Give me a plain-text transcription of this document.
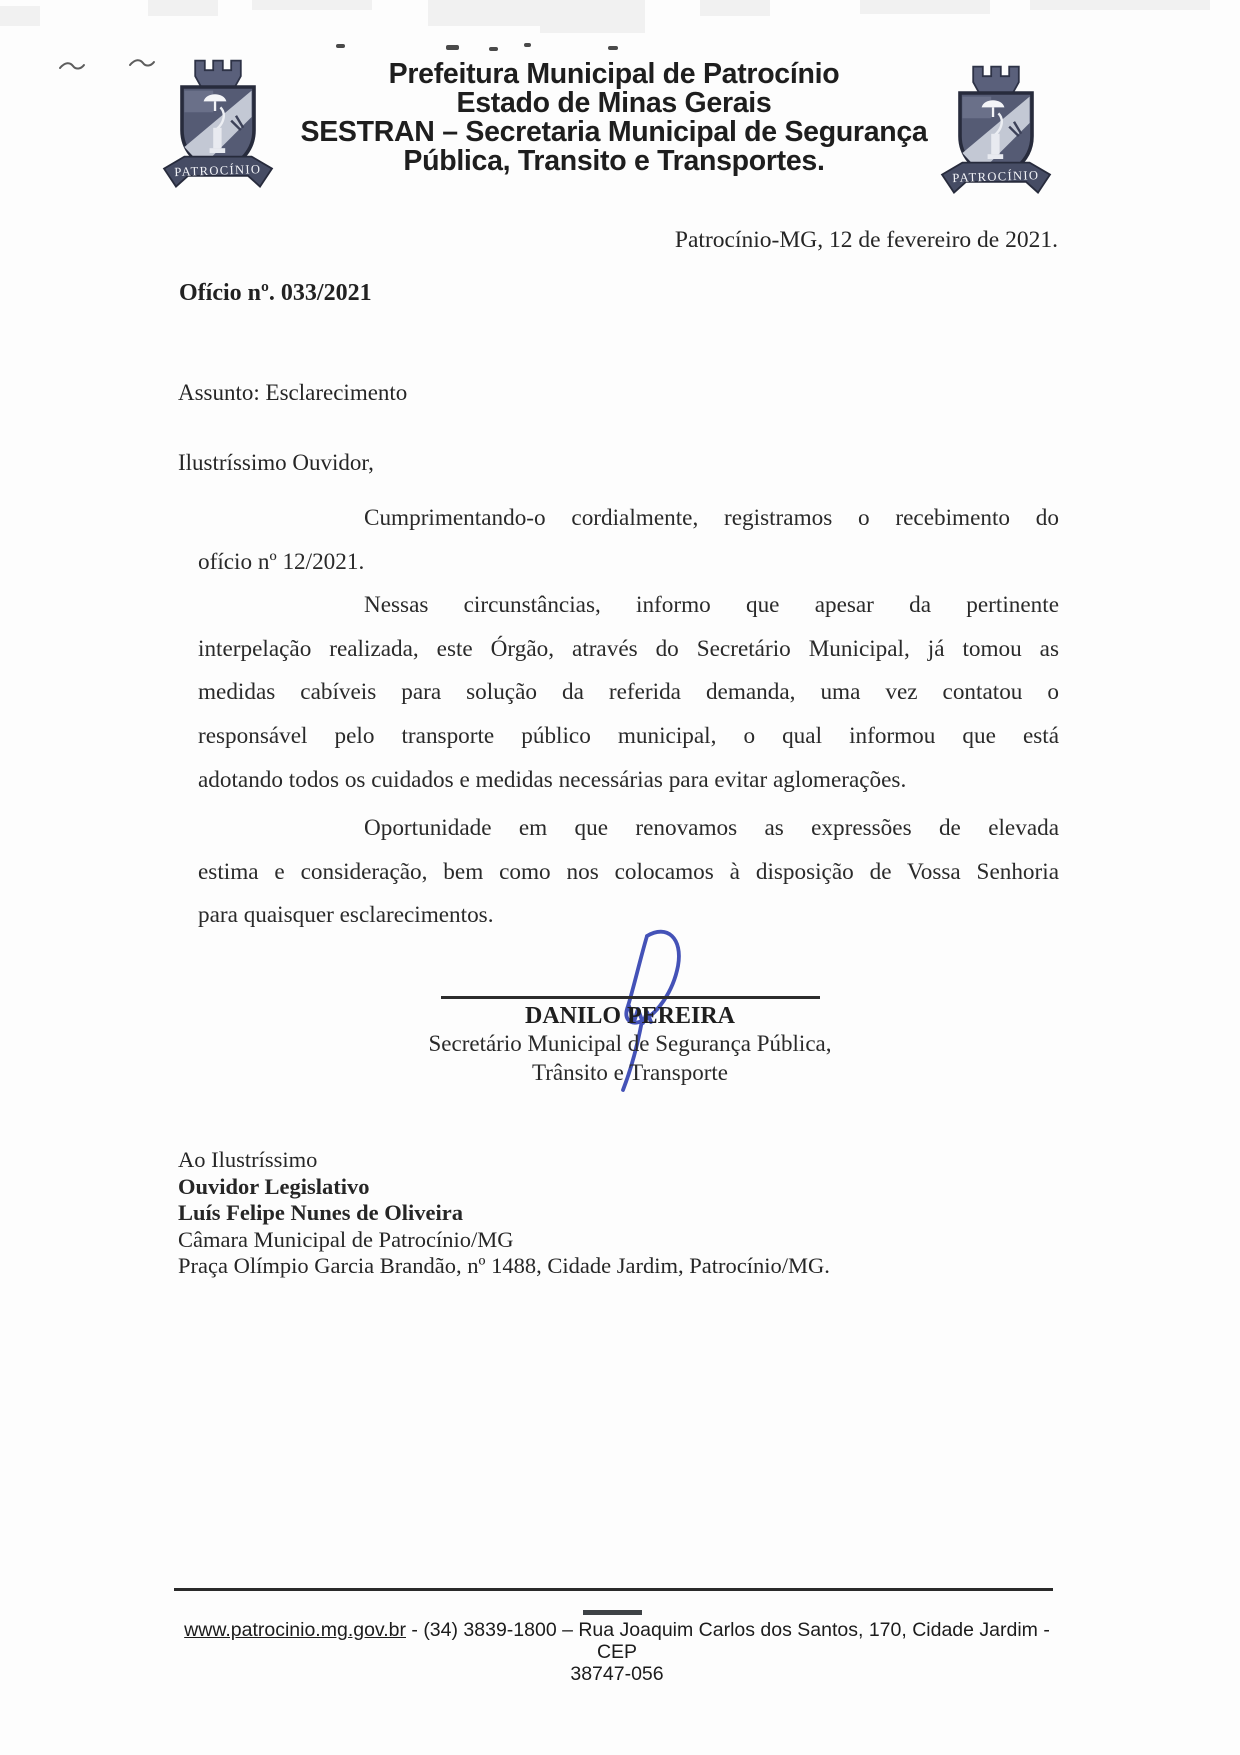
PATROCÍNIO
Prefeitura Municipal de Patrocínio
Estado de Minas Gerais
SESTRAN – Secretaria Municipal de Segurança
Pública, Transito e Transportes.	PATROCÍNIO
Patrocínio-MG, 12 de fevereiro de 2021.
Ofício nº. 033/2021
Assunto: Esclarecimento
Ilustríssimo Ouvidor,
Cumprimentando-o cordialmente, registramos o recebimento do
ofício nº 12/2021.
Nessas circunstâncias, informo que apesar da pertinente
interpelação realizada, este Órgão, através do Secretário Municipal, já tomou as
medidas cabíveis para solução da referida demanda, uma vez contatou o
responsável pelo transporte público municipal, o qual informou que está
adotando todos os cuidados e medidas necessárias para evitar aglomerações.
Oportunidade em que renovamos as expressões de elevada
estima e consideração, bem como nos colocamos à disposição de Vossa Senhoria
para quaisquer esclarecimentos.
DANILO PEREIRA
Secretário Municipal de Segurança Pública,
Trânsito e Transporte
Ao Ilustríssimo
Ouvidor Legislativo
Luís Felipe Nunes de Oliveira
Câmara Municipal de Patrocínio/MG
Praça Olímpio Garcia Brandão, nº 1488, Cidade Jardim, Patrocínio/MG.
www.patrocinio.mg.gov.br - (34) 3839-1800 – Rua Joaquim Carlos dos Santos, 170, Cidade Jardim - CEP
38747-056
